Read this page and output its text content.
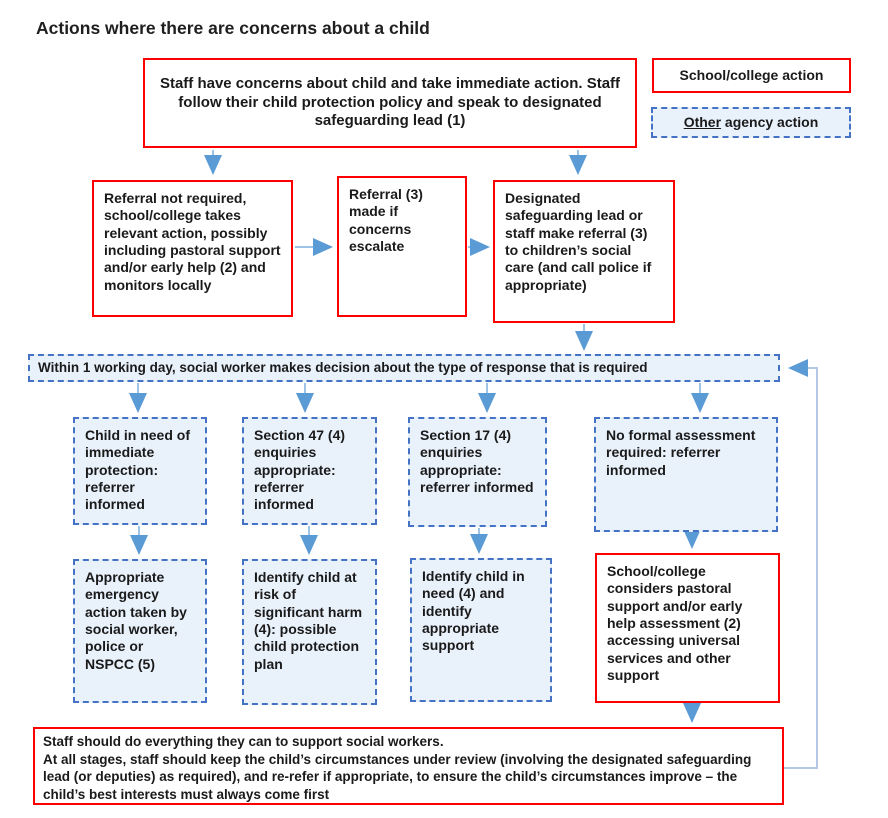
Actions where there are concerns about a child
School/college action
Other agency action
Staff have concerns about child and take immediate action. Staff follow their child protection policy and speak to designated safeguarding lead (1)
Referral not required, school/college takes relevant action, possibly including pastoral support and/or early help (2) and monitors locally
Referral (3) made if concerns escalate
Designated safeguarding lead or staff make referral (3) to children’s social care (and call police if appropriate)
Within 1 working day, social worker makes decision about the type of response that is required
Child in need of immediate protection: referrer informed
Section 47 (4) enquiries appropriate: referrer informed
Section 17 (4) enquiries appropriate: referrer informed
No formal assessment required: referrer informed
Appropriate emergency action taken by social worker, police or NSPCC (5)
Identify child at risk of significant harm (4): possible child protection plan
Identify child in need (4) and identify appropriate support
School/college considers pastoral support and/or early help assessment (2) accessing universal services and other support
Staff should do everything they can to support social workers.
At all stages, staff should keep the child’s circumstances under review (involving the designated safeguarding lead (or deputies) as required), and re-refer if appropriate, to ensure the child’s circumstances improve – the child’s best interests must always come first
